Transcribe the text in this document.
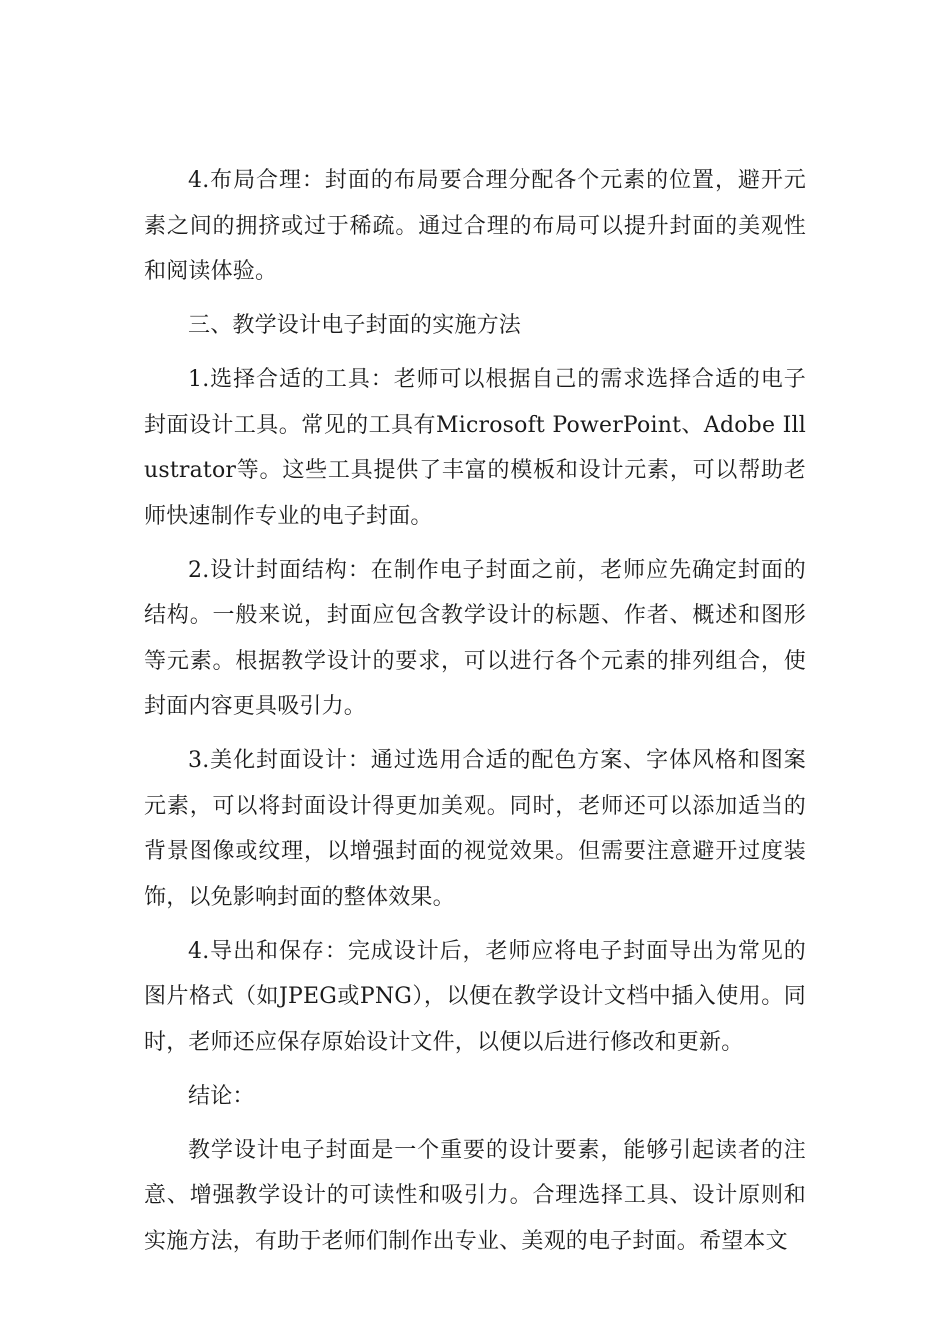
4.布局合理：封面的布局要合理分配各个元素的位置，避开元素之间的拥挤或过于稀疏。通过合理的布局可以提升封面的美观性和阅读体验。

三、教学设计电子封面的实施方法

1.选择合适的工具：老师可以根据自己的需求选择合适的电子封面设计工具。常见的工具有Microsoft PowerPoint、Adobe Illustrator等。这些工具提供了丰富的模板和设计元素，可以帮助老师快速制作专业的电子封面。

2.设计封面结构：在制作电子封面之前，老师应先确定封面的结构。一般来说，封面应包含教学设计的标题、作者、概述和图形等元素。根据教学设计的要求，可以进行各个元素的排列组合，使封面内容更具吸引力。

3.美化封面设计：通过选用合适的配色方案、字体风格和图案元素，可以将封面设计得更加美观。同时，老师还可以添加适当的背景图像或纹理，以增强封面的视觉效果。但需要注意避开过度装饰，以免影响封面的整体效果。

4.导出和保存：完成设计后，老师应将电子封面导出为常见的图片格式（如JPEG或PNG），以便在教学设计文档中插入使用。同时，老师还应保存原始设计文件，以便以后进行修改和更新。

结论：

教学设计电子封面是一个重要的设计要素，能够引起读者的注意、增强教学设计的可读性和吸引力。合理选择工具、设计原则和实施方法，有助于老师们制作出专业、美观的电子封面。希望本文
